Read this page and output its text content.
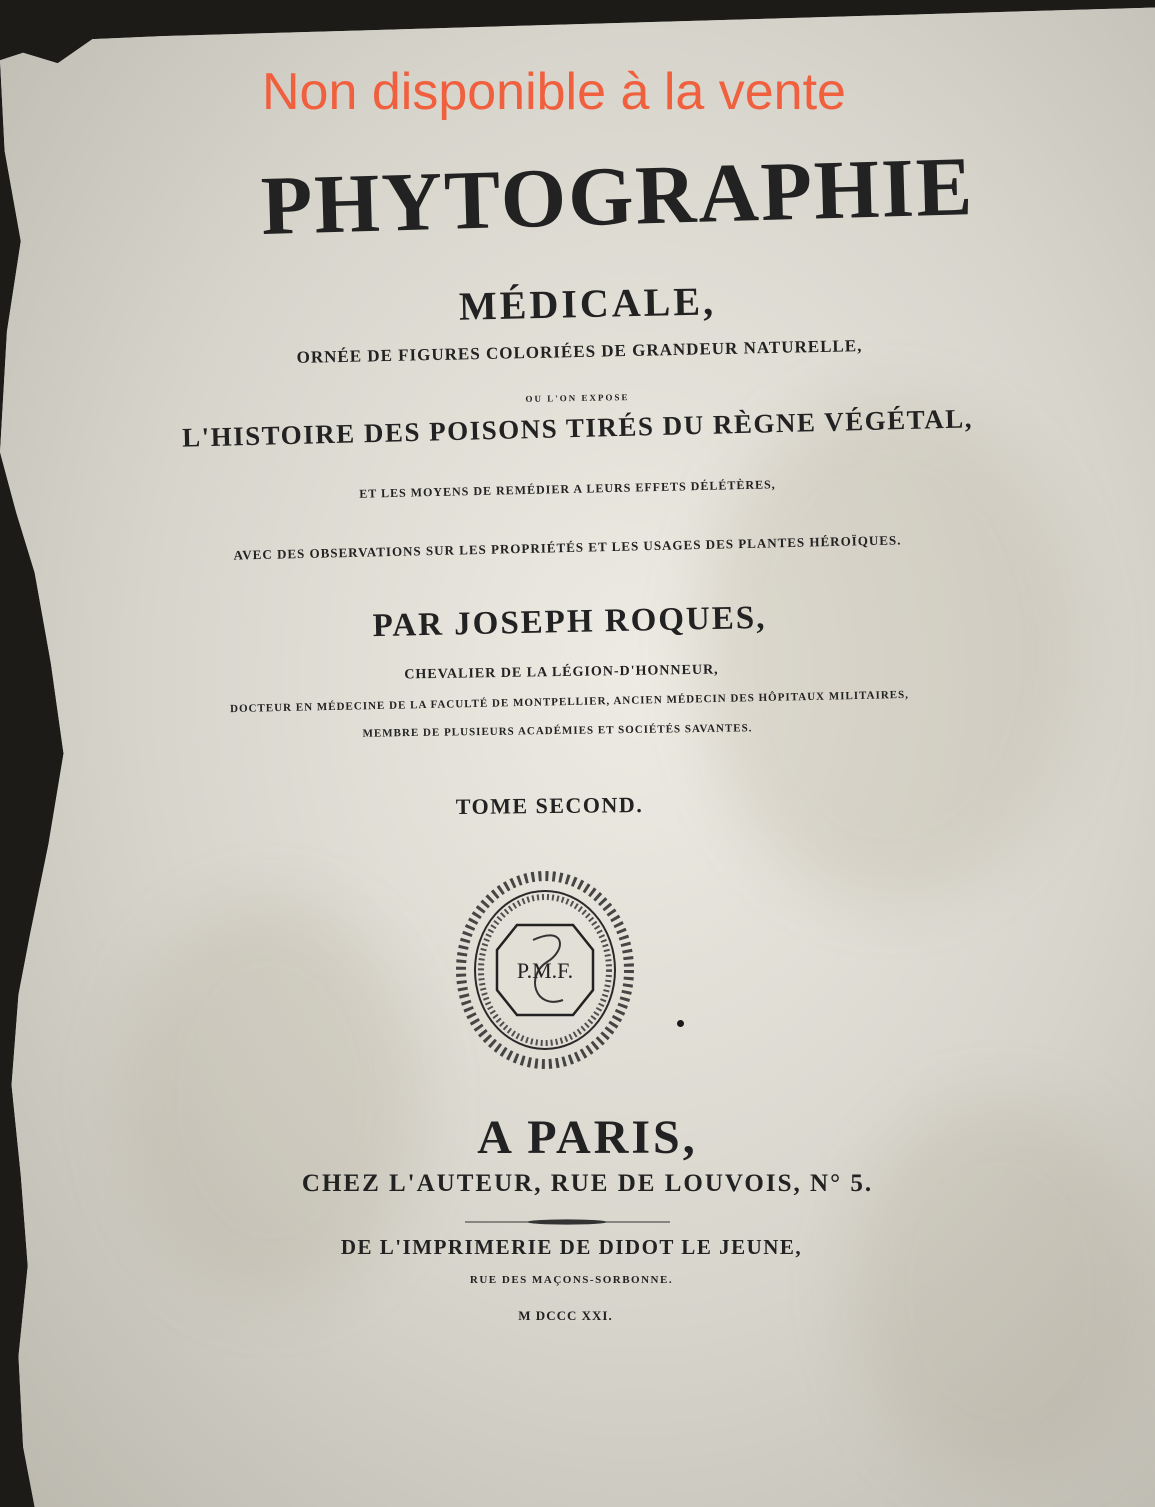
Non disponible à la vente
PHYTOGRAPHIE
MÉDICALE,
ORNÉE DE FIGURES COLORIÉES DE GRANDEUR NATURELLE,
OU L'ON EXPOSE
L'HISTOIRE DES POISONS TIRÉS DU RÈGNE VÉGÉTAL,
ET LES MOYENS DE REMÉDIER A LEURS EFFETS DÉLÉTÈRES,
AVEC DES OBSERVATIONS SUR LES PROPRIÉTÉS ET LES USAGES DES PLANTES HÉROÏQUES.
PAR JOSEPH ROQUES,
CHEVALIER DE LA LÉGION-D'HONNEUR,
DOCTEUR EN MÉDECINE DE LA FACULTÉ DE MONTPELLIER, ANCIEN MÉDECIN DES HÔPITAUX MILITAIRES,
MEMBRE DE PLUSIEURS ACADÉMIES ET SOCIÉTÉS SAVANTES.
TOME SECOND.
P.M.F.
A PARIS,
CHEZ L'AUTEUR, RUE DE LOUVOIS, N° 5.
DE L'IMPRIMERIE DE DIDOT LE JEUNE,
RUE DES MAÇONS-SORBONNE.
M DCCC XXI.
